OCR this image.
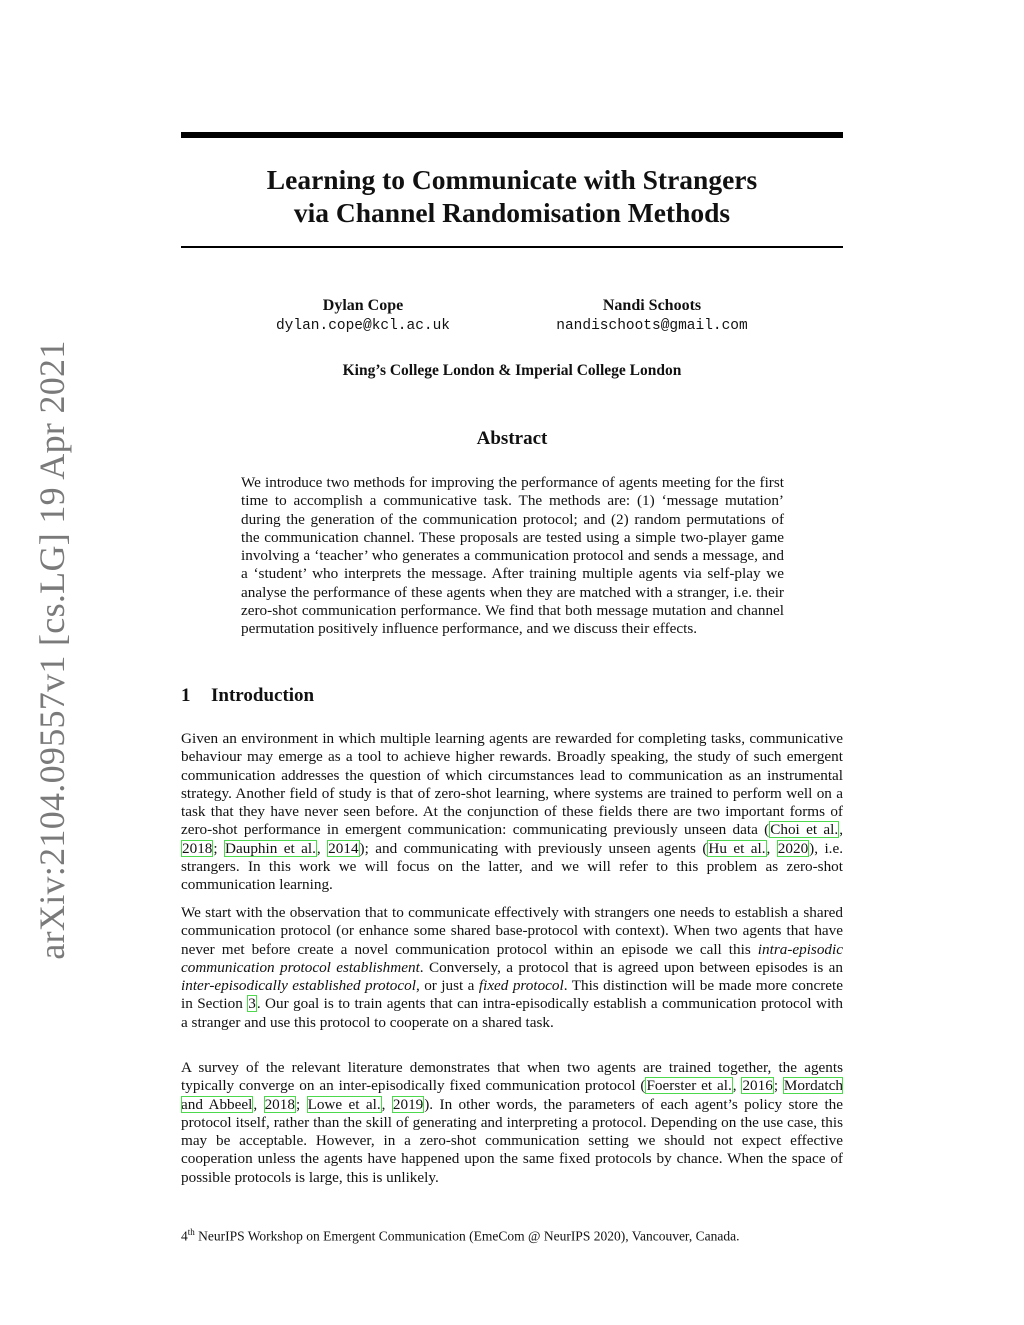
arXiv:2104.09557v1 [cs.LG] 19 Apr 2021
Learning to Communicate with Strangers
via Channel Randomisation Methods
Dylan Cope
dylan.cope@kcl.ac.uk
Nandi Schoots
nandischoots@gmail.com
King’s College London & Imperial College London
Abstract

We introduce two methods for improving the performance of agents meeting for the first time to accomplish a communicative task. The methods are: (1) ‘message mutation’ during the generation of the communication protocol; and (2) random permutations of the communication channel. These proposals are tested using a simple two-player game involving a ‘teacher’ who generates a communication protocol and sends a message, and a ‘student’ who interprets the message. After training multiple agents via self-play we analyse the performance of these agents when they are matched with a stranger, i.e. their zero-shot communication performance. We find that both message mutation and channel permutation positively influence performance, and we discuss their effects.

1 Introduction

Given an environment in which multiple learning agents are rewarded for completing tasks, communicative behaviour may emerge as a tool to achieve higher rewards. Broadly speaking, the study of such emergent communication addresses the question of which circumstances lead to communication as an instrumental strategy. Another field of study is that of zero-shot learning, where systems are trained to perform well on a task that they have never seen before. At the conjunction of these fields there are two important forms of zero-shot performance in emergent communication: communicating previously unseen data (Choi et al., 2018; Dauphin et al., 2014); and communicating with previously unseen agents (Hu et al., 2020), i.e. strangers. In this work we will focus on the latter, and we will refer to this problem as zero-shot communication learning.

We start with the observation that to communicate effectively with strangers one needs to establish a shared communication protocol (or enhance some shared base-protocol with context). When two agents that have never met before create a novel communication protocol within an episode we call this intra-episodic communication protocol establishment. Conversely, a protocol that is agreed upon between episodes is an inter-episodically established protocol, or just a fixed protocol. This distinction will be made more concrete in Section 3. Our goal is to train agents that can intra-episodically establish a communication protocol with a stranger and use this protocol to cooperate on a shared task.

A survey of the relevant literature demonstrates that when two agents are trained together, the agents typically converge on an inter-episodically fixed communication protocol (Foerster et al., 2016; Mordatch and Abbeel, 2018; Lowe et al., 2019). In other words, the parameters of each agent’s policy store the protocol itself, rather than the skill of generating and interpreting a protocol. Depending on the use case, this may be acceptable. However, in a zero-shot communication setting we should not expect effective cooperation unless the agents have happened upon the same fixed protocols by chance. When the space of possible protocols is large, this is unlikely.

4th NeurIPS Workshop on Emergent Communication (EmeCom @ NeurIPS 2020), Vancouver, Canada.
